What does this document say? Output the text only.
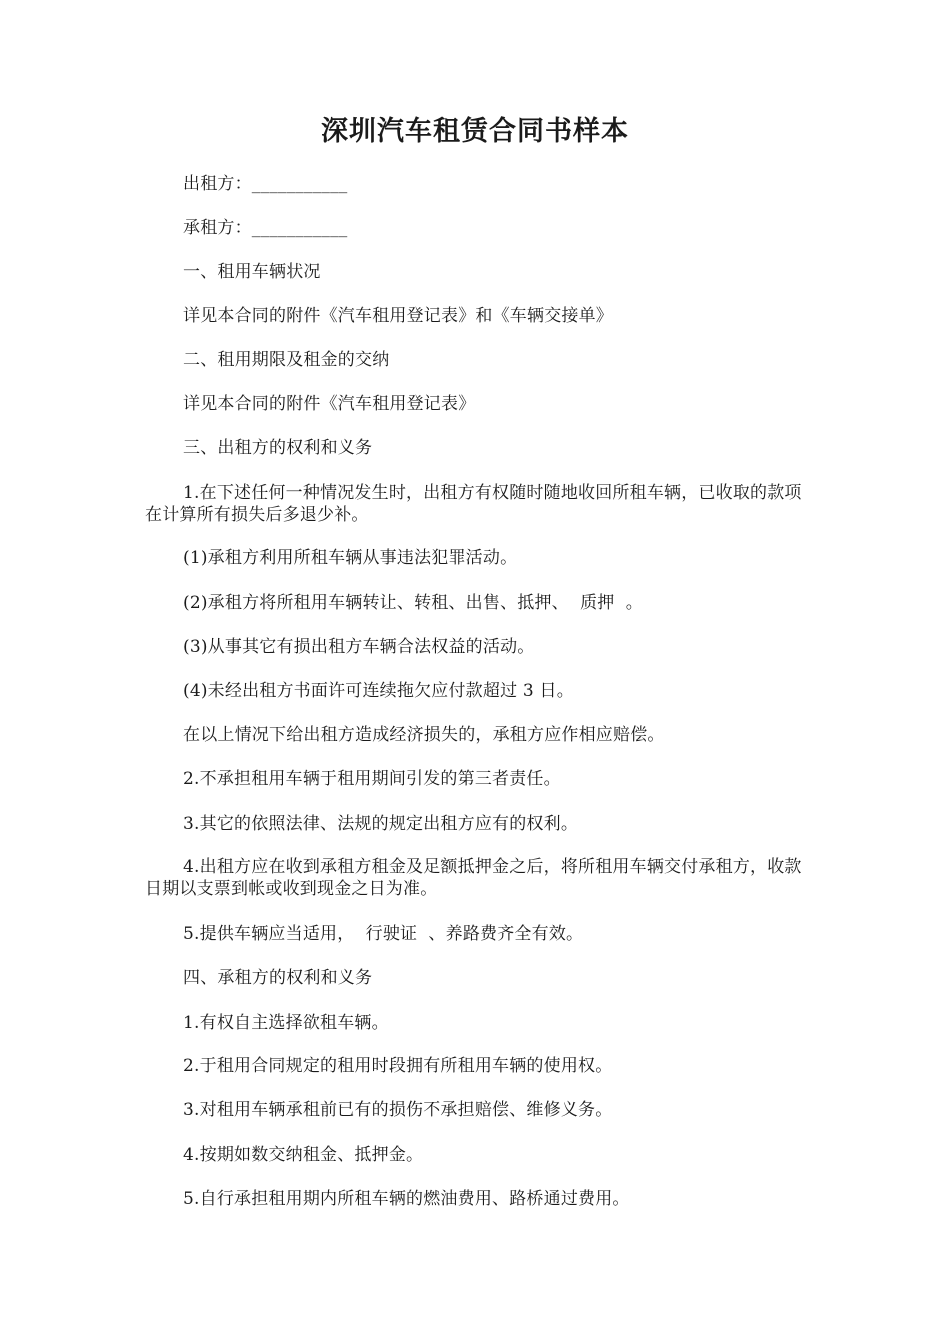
深圳汽车租赁合同书样本
出租方：___________
承租方：___________
一、租用车辆状况
详见本合同的附件《汽车租用登记表》和《车辆交接单》
二、租用期限及租金的交纳
详见本合同的附件《汽车租用登记表》
三、出租方的权利和义务
1.在下述任何一种情况发生时，出租方有权随时随地收回所租车辆，已收取的款项在计算所有损失后多退少补。
(1)承租方利用所租车辆从事违法犯罪活动。
(2)承租方将所租用车辆转让、转租、出售、抵押、  质押  。
(3)从事其它有损出租方车辆合法权益的活动。
(4)未经出租方书面许可连续拖欠应付款超过 3 日。
在以上情况下给出租方造成经济损失的，承租方应作相应赔偿。
2.不承担租用车辆于租用期间引发的第三者责任。
3.其它的依照法律、法规的规定出租方应有的权利。
4.出租方应在收到承租方租金及足额抵押金之后，将所租用车辆交付承租方，收款日期以支票到帐或收到现金之日为准。
5.提供车辆应当适用，  行驶证  、养路费齐全有效。
四、承租方的权利和义务
1.有权自主选择欲租车辆。
2.于租用合同规定的租用时段拥有所租用车辆的使用权。
3.对租用车辆承租前已有的损伤不承担赔偿、维修义务。
4.按期如数交纳租金、抵押金。
5.自行承担租用期内所租车辆的燃油费用、路桥通过费用。
